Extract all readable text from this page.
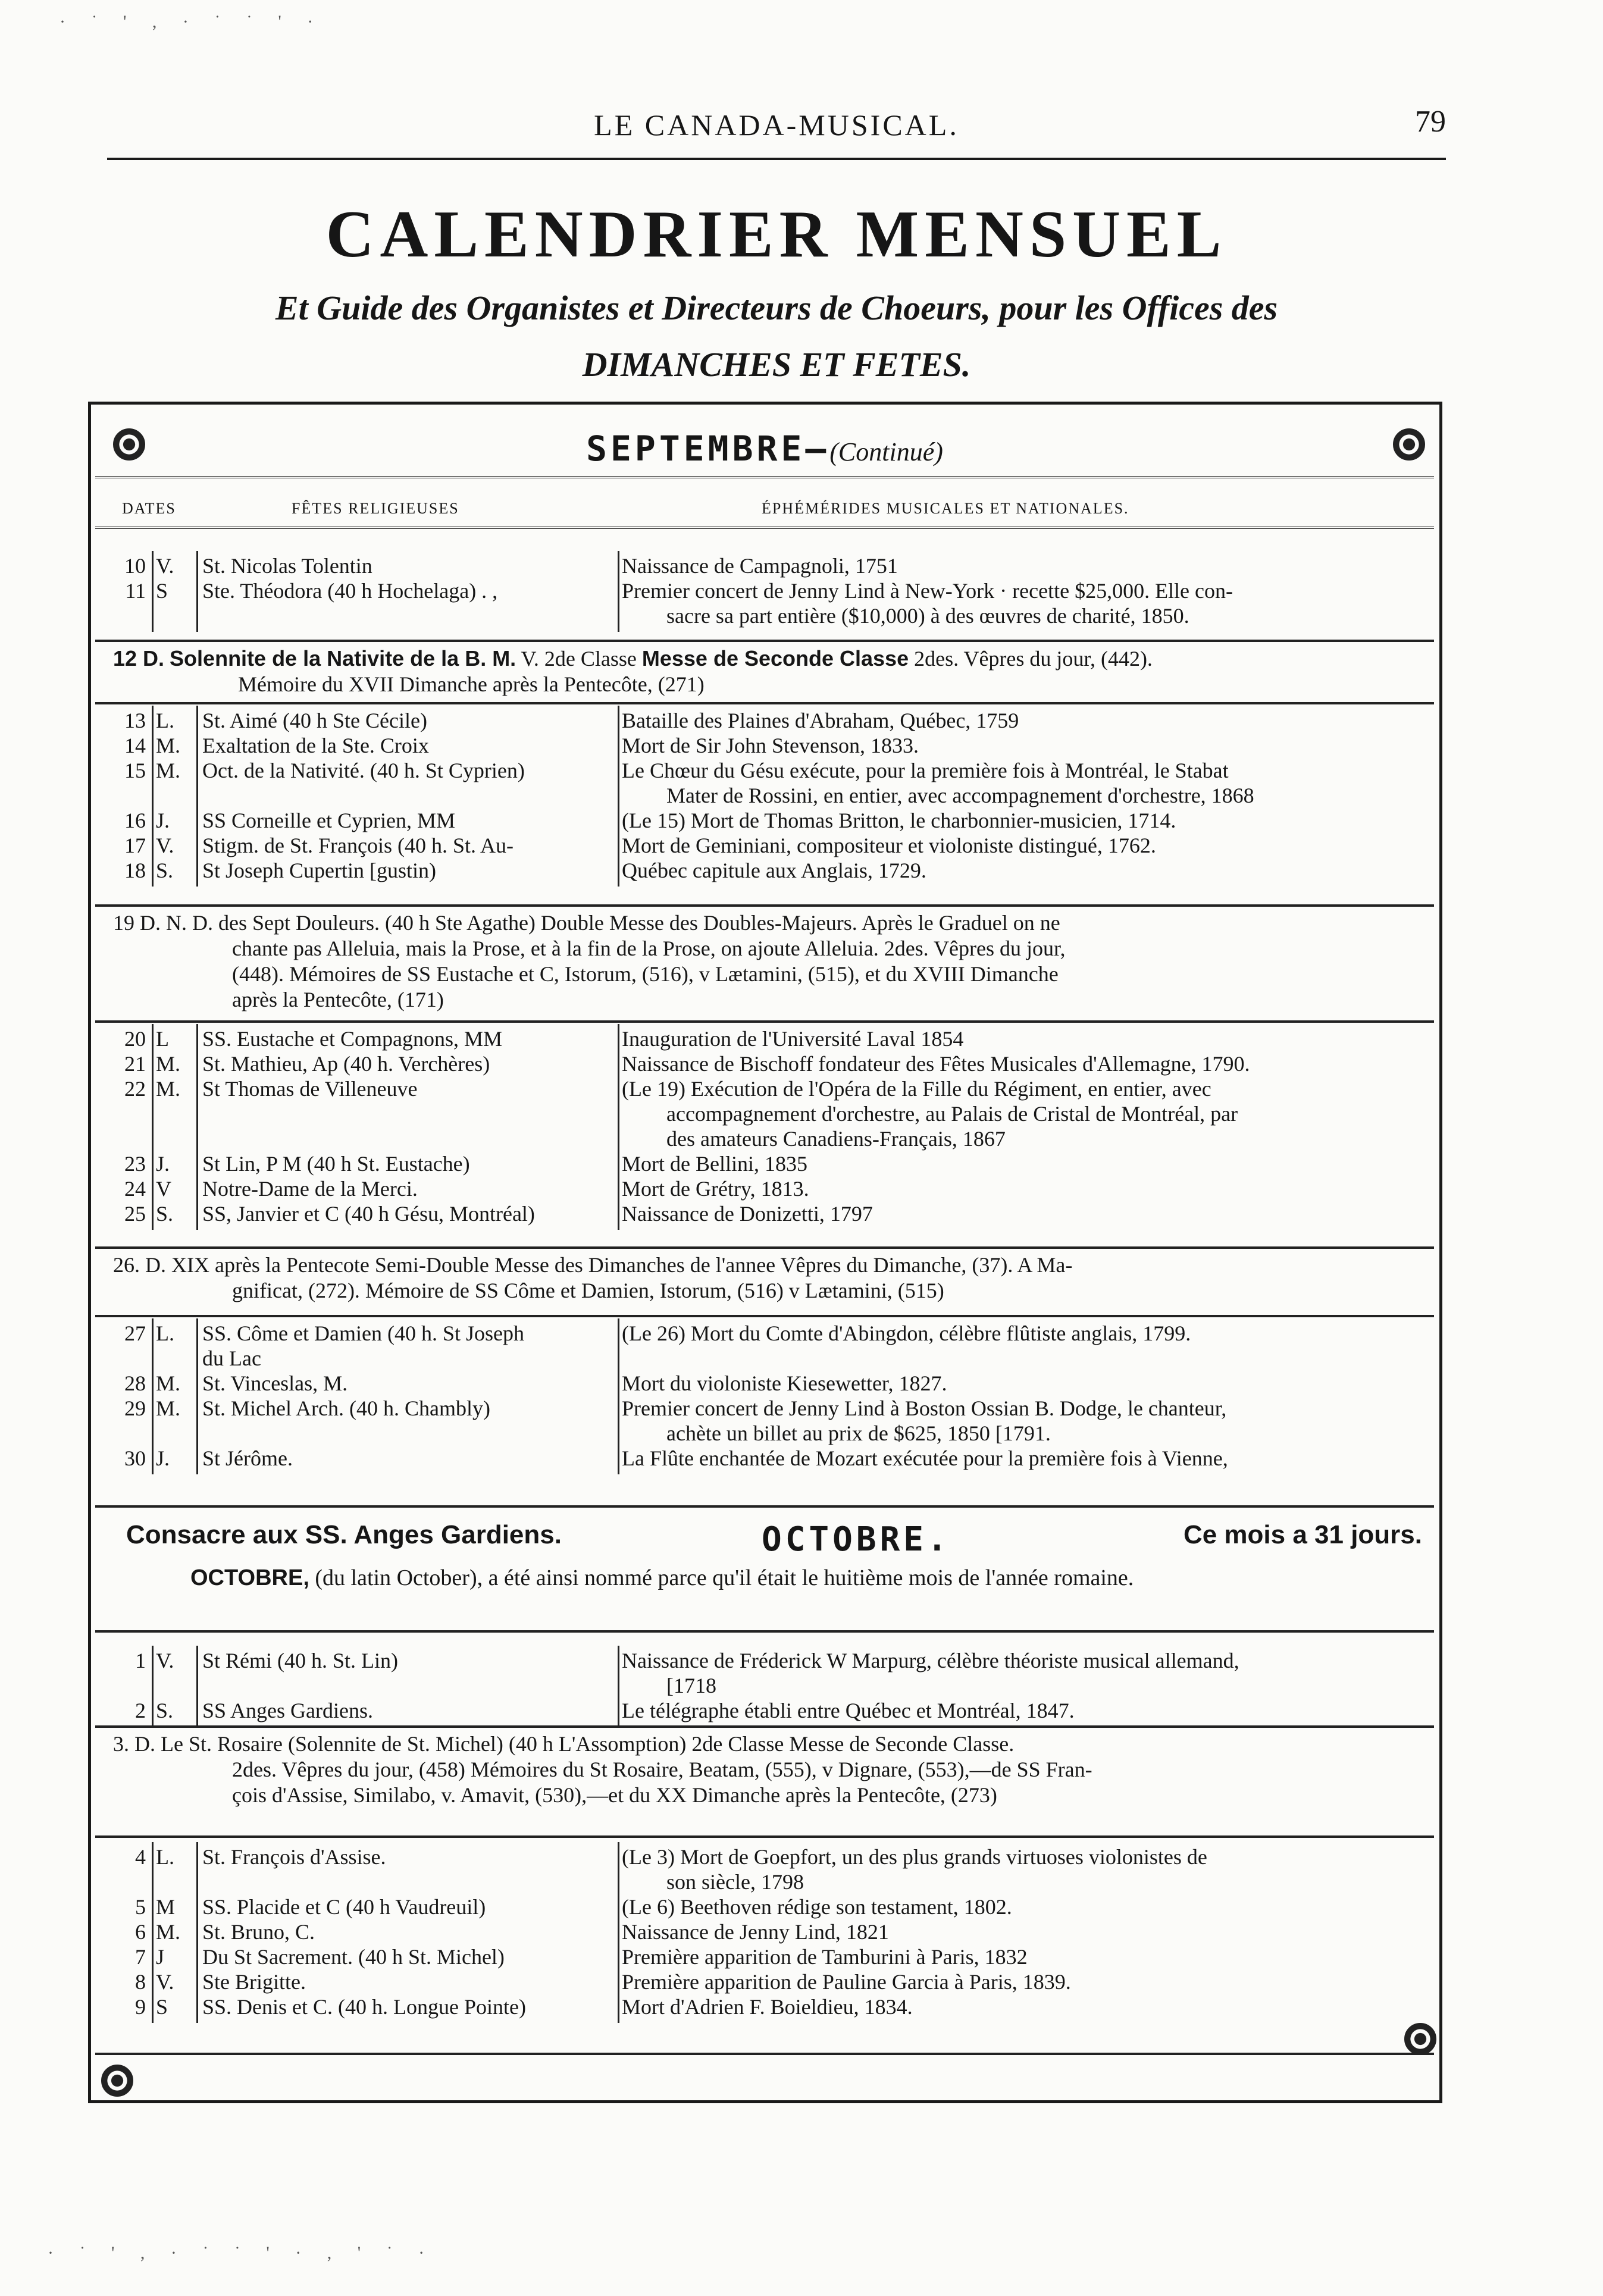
· ˙ ' , · ˙ ˙ ' ·
LE CANADA-MUSICAL.	79
CALENDRIER MENSUEL
Et Guide des Organistes et Directeurs de Choeurs, pour les Offices des
DIMANCHES ET FETES.
SEPTEMBRE—(Continué)
DATES	FÊTES RELIGIEUSES	ÉPHÉMÉRIDES MUSICALES ET NATIONALES.
10 V. St. Nicolas Tolentin	Naissance de Campagnoli, 1751
11 S Ste. Théodora (40 h Hochelaga) . ,	Premier concert de Jenny Lind à New-York · recette $25,000. Elle con-
sacre sa part entière ($10,000) à des œuvres de charité, 1850.
12 D. Solennite de la Nativite de la B. M. V. 2de Classe Messe de Seconde Classe 2des. Vêpres du jour, (442).
Mémoire du XVII Dimanche après la Pentecôte, (271)
13 L. St. Aimé (40 h Ste Cécile)	Bataille des Plaines d'Abraham, Québec, 1759
14 M. Exaltation de la Ste. Croix	Mort de Sir John Stevenson, 1833.
15 M. Oct. de la Nativité. (40 h. St Cyprien)	Le Chœur du Gésu exécute, pour la première fois à Montréal, le Stabat
Mater de Rossini, en entier, avec accompagnement d'orchestre, 1868
16 J. SS Corneille et Cyprien, MM	(Le 15) Mort de Thomas Britton, le charbonnier-musicien, 1714.
17 V. Stigm. de St. François (40 h. St. Au-	Mort de Geminiani, compositeur et violoniste distingué, 1762.
18 S. St Joseph Cupertin [gustin)	Québec capitule aux Anglais, 1729.
19 D. N. D. des Sept Douleurs. (40 h Ste Agathe) Double Messe des Doubles-Majeurs. Après le Graduel on ne
chante pas Alleluia, mais la Prose, et à la fin de la Prose, on ajoute Alleluia. 2des. Vêpres du jour,
(448). Mémoires de SS Eustache et C, Istorum, (516), v Lætamini, (515), et du XVIII Dimanche
après la Pentecôte, (171)
20 L SS. Eustache et Compagnons, MM	Inauguration de l'Université Laval 1854
21 M. St. Mathieu, Ap (40 h. Verchères)	Naissance de Bischoff fondateur des Fêtes Musicales d'Allemagne, 1790.
22 M. St Thomas de Villeneuve	(Le 19) Exécution de l'Opéra de la Fille du Régiment, en entier, avec
accompagnement d'orchestre, au Palais de Cristal de Montréal, par
des amateurs Canadiens-Français, 1867
23 J. St Lin, P M (40 h St. Eustache)	Mort de Bellini, 1835
24 V Notre-Dame de la Merci.	Mort de Grétry, 1813.
25 S. SS, Janvier et C (40 h Gésu, Montréal)	Naissance de Donizetti, 1797
26. D. XIX après la Pentecote Semi-Double Messe des Dimanches de l'annee Vêpres du Dimanche, (37). A Ma-
gnificat, (272). Mémoire de SS Côme et Damien, Istorum, (516) v Lætamini, (515)
27 L. SS. Côme et Damien (40 h. St Joseph	(Le 26) Mort du Comte d'Abingdon, célèbre flûtiste anglais, 1799.
du Lac
28 M. St. Vinceslas, M.	Mort du violoniste Kiesewetter, 1827.
29 M. St. Michel Arch. (40 h. Chambly)	Premier concert de Jenny Lind à Boston Ossian B. Dodge, le chanteur,
achète un billet au prix de $625, 1850 [1791.
30 J. St Jérôme.	La Flûte enchantée de Mozart exécutée pour la première fois à Vienne,
Consacre aux SS. Anges Gardiens.	OCTOBRE.	Ce mois a 31 jours.
OCTOBRE, (du latin October), a été ainsi nommé parce qu'il était le huitième mois de l'année romaine.
1 V. St Rémi (40 h. St. Lin)	Naissance de Fréderick W Marpurg, célèbre théoriste musical allemand,
[1718
2 S. SS Anges Gardiens.	Le télégraphe établi entre Québec et Montréal, 1847.
3. D. Le St. Rosaire (Solennite de St. Michel) (40 h L'Assomption) 2de Classe Messe de Seconde Classe.
2des. Vêpres du jour, (458) Mémoires du St Rosaire, Beatam, (555), v Dignare, (553),—de SS Fran-
çois d'Assise, Similabo, v. Amavit, (530),—et du XX Dimanche après la Pentecôte, (273)
4 L. St. François d'Assise.	(Le 3) Mort de Goepfort, un des plus grands virtuoses violonistes de
son siècle, 1798
5 M SS. Placide et C (40 h Vaudreuil)	(Le 6) Beethoven rédige son testament, 1802.
6 M. St. Bruno, C.	Naissance de Jenny Lind, 1821
7 J Du St Sacrement. (40 h St. Michel)	Première apparition de Tamburini à Paris, 1832
8 V. Ste Brigitte.	Première apparition de Pauline Garcia à Paris, 1839.
9 S SS. Denis et C. (40 h. Longue Pointe)	Mort d'Adrien F. Boieldieu, 1834.
· ˙ ' , · ˙ ˙ ' · , ' ˙ ·
